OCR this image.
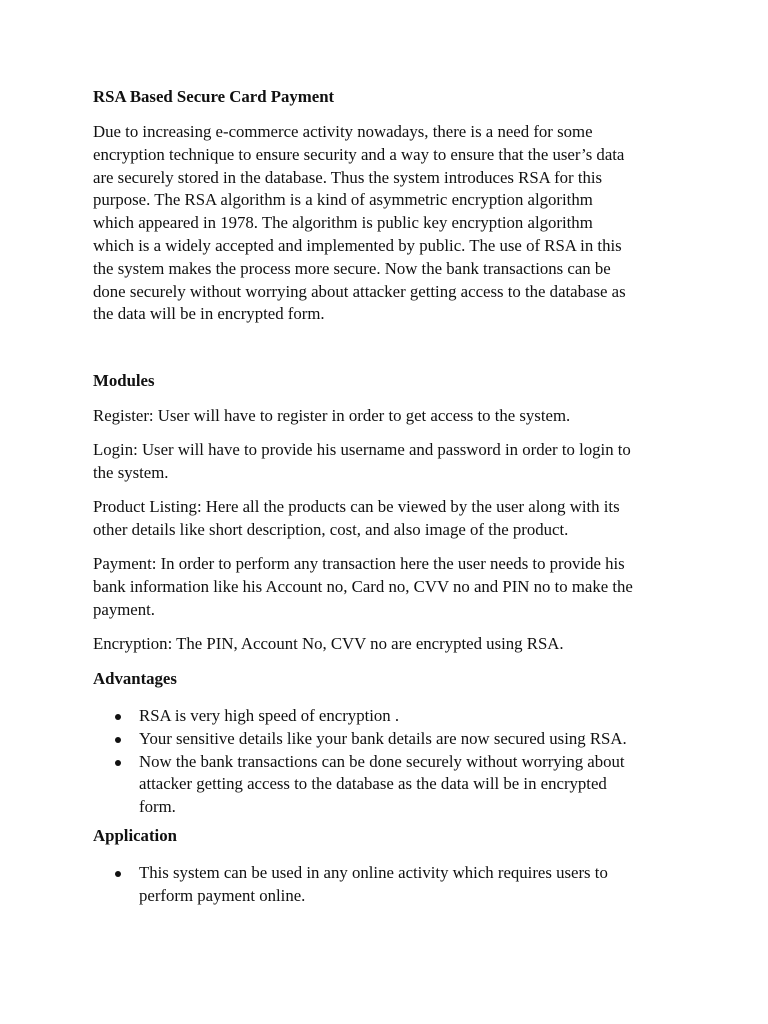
RSA Based Secure Card Payment

Due to increasing e-commerce activity nowadays, there is a need for some
encryption technique to ensure security and a way to ensure that the user’s data
are securely stored in the database. Thus the system introduces RSA for this
purpose. The RSA algorithm is a kind of asymmetric encryption algorithm
which appeared in 1978. The algorithm is public key encryption algorithm
which is a widely accepted and implemented by public. The use of RSA in this
the system makes the process more secure. Now the bank transactions can be
done securely without worrying about attacker getting access to the database as
the data will be in encrypted form.

Modules

Register: User will have to register in order to get access to the system.

Login: User will have to provide his username and password in order to login to
the system.

Product Listing: Here all the products can be viewed by the user along with its
other details like short description, cost, and also image of the product.

Payment: In order to perform any transaction here the user needs to provide his
bank information like his Account no, Card no, CVV no and PIN no to make the
payment.

Encryption: The PIN, Account No, CVV no are encrypted using RSA.

Advantages

RSA is very high speed of encryption .
Your sensitive details like your bank details are now secured using RSA.
Now the bank transactions can be done securely without worrying about
attacker getting access to the database as the data will be in encrypted
form.

Application

This system can be used in any online activity which requires users to
perform payment online.
